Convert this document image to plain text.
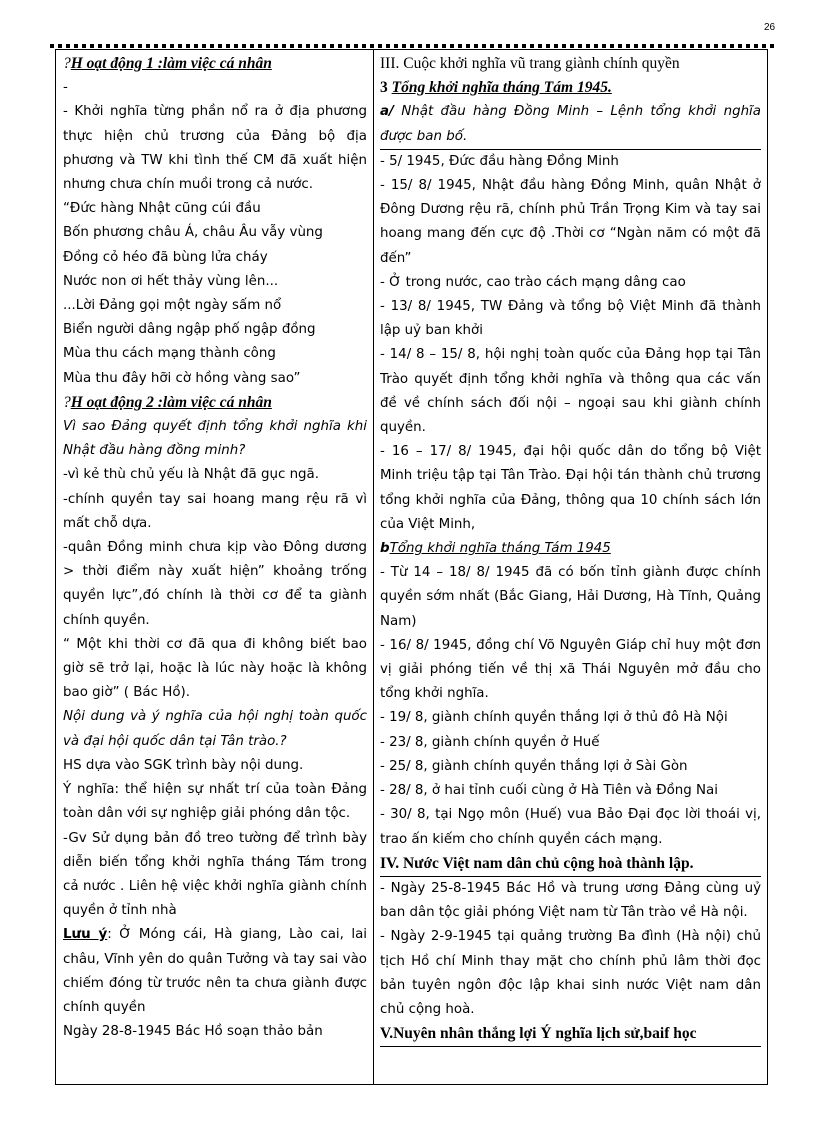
26

?H oạt động 1 :làm việc cá nhân

-

- Khởi nghĩa từng phần nổ ra ở địa phương thực hiện chủ trương của Đảng bộ địa phương và TW khi tình thế CM đã xuất hiện nhưng chưa chín muồi trong cả nước.

“Đức hàng Nhật cũng cúi đầu

Bốn phương châu Á, châu Âu vẫy vùng

Đồng cỏ héo đã bùng lửa cháy

Nước non ơi hết thảy vùng lên...

...Lời Đảng gọi một ngày sấm nổ

Biển người dâng ngập phố ngập đồng

Mùa thu cách mạng thành công

Mùa thu đây hỡi cờ hồng vàng sao”

?H oạt động 2 :làm việc cá nhân

Vì sao Đảng quyết định tổng khởi nghĩa khi Nhật đầu hàng đồng minh?

-vì kẻ thù chủ yếu là Nhật đã gục ngã.

-chính quyền tay sai hoang mang rệu rã vì mất chỗ dựa.

-quân Đồng minh chưa kịp vào Đông dương > thời điểm này xuất hiện” khoảng trống quyền lực”,đó chính là thời cơ để ta giành chính quyền.

“ Một khi thời cơ đã qua đi không biết bao giờ sẽ trở lại, hoặc là lúc này hoặc là không bao giờ” ( Bác Hồ).

Nội dung và ý nghĩa của hội nghị toàn quốc và đại hội quốc dân tại Tân trào.?

HS dựa vào SGK trình bày nội dung.

Ý nghĩa: thể hiện sự nhất trí của toàn Đảng toàn dân với sự nghiệp giải phóng dân tộc.

-Gv Sử dụng bản đồ treo tường để trình bày diễn biến tổng khởi nghĩa tháng Tám trong cả nước . Liên hệ việc khởi nghĩa giành chính quyền ở tỉnh nhà

Lưu ý: Ở Móng cái, Hà giang, Lào cai, lai châu, Vĩnh yên do quân Tưởng và tay sai vào chiếm đóng từ trước nên ta chưa giành được chính quyền

Ngày 28-8-1945 Bác Hồ soạn thảo bản

III. Cuộc khởi nghĩa vũ trang giành chính quyền

3 Tổng khởi nghĩa tháng Tám 1945.

a/ Nhật đầu hàng Đồng Minh – Lệnh tổng khởi nghĩa được ban bố.

- 5/ 1945, Đức đầu hàng Đồng Minh

- 15/ 8/ 1945, Nhật đầu hàng Đồng Minh, quân Nhật ở Đông Dương rệu rã, chính phủ Trần Trọng Kim và tay sai hoang mang đến cực độ .Thời cơ “Ngàn năm có một đã đến”

- Ở trong nước, cao trào cách mạng dâng cao

- 13/ 8/ 1945, TW Đảng và tổng bộ Việt Minh đã thành lập uỷ ban khởi

- 14/ 8 – 15/ 8, hội nghị toàn quốc của Đảng họp tại Tân Trào quyết định tổng khởi nghĩa và thông qua các vấn đề về chính sách đối nội – ngoại sau khi giành chính quyền.

- 16 – 17/ 8/ 1945, đại hội quốc dân do tổng bộ Việt Minh triệu tập tại Tân Trào. Đại hội tán thành chủ trương tổng khởi nghĩa của Đảng, thông qua 10 chính sách lớn của Việt Minh,

bTổng khởi nghĩa tháng Tám 1945

- Từ 14 – 18/ 8/ 1945 đã có bốn tỉnh giành được chính quyền sớm nhất (Bắc Giang, Hải Dương, Hà Tĩnh, Quảng Nam)

- 16/ 8/ 1945, đồng chí Võ Nguyên Giáp chỉ huy một đơn vị giải phóng tiến về thị xã Thái Nguyên mở đầu cho tổng khởi nghĩa.

- 19/ 8, giành chính quyền thắng lợi ở thủ đô Hà Nội

- 23/ 8, giành chính quyền ở Huế

- 25/ 8, giành chính quyền thắng lợi ở Sài Gòn

- 28/ 8, ở hai tỉnh cuối cùng ở Hà Tiên và Đồng Nai

- 30/ 8, tại Ngọ môn (Huế) vua Bảo Đại đọc lời thoái vị, trao ấn kiếm cho chính quyền cách mạng.

IV. Nước Việt nam dân chủ cộng hoà thành lập.

- Ngày 25-8-1945 Bác Hồ và trung ương Đảng cùng uỷ ban dân tộc giải phóng Việt nam từ Tân trào về Hà nội.

- Ngày 2-9-1945 tại quảng trường Ba đình (Hà nội) chủ tịch Hồ chí Minh thay mặt cho chính phủ lâm thời đọc bản tuyên ngôn độc lập khai sinh nước Việt nam dân chủ cộng hoà.

V.Nuyên nhân thắng lợi Ý nghĩa lịch sử,baif học
